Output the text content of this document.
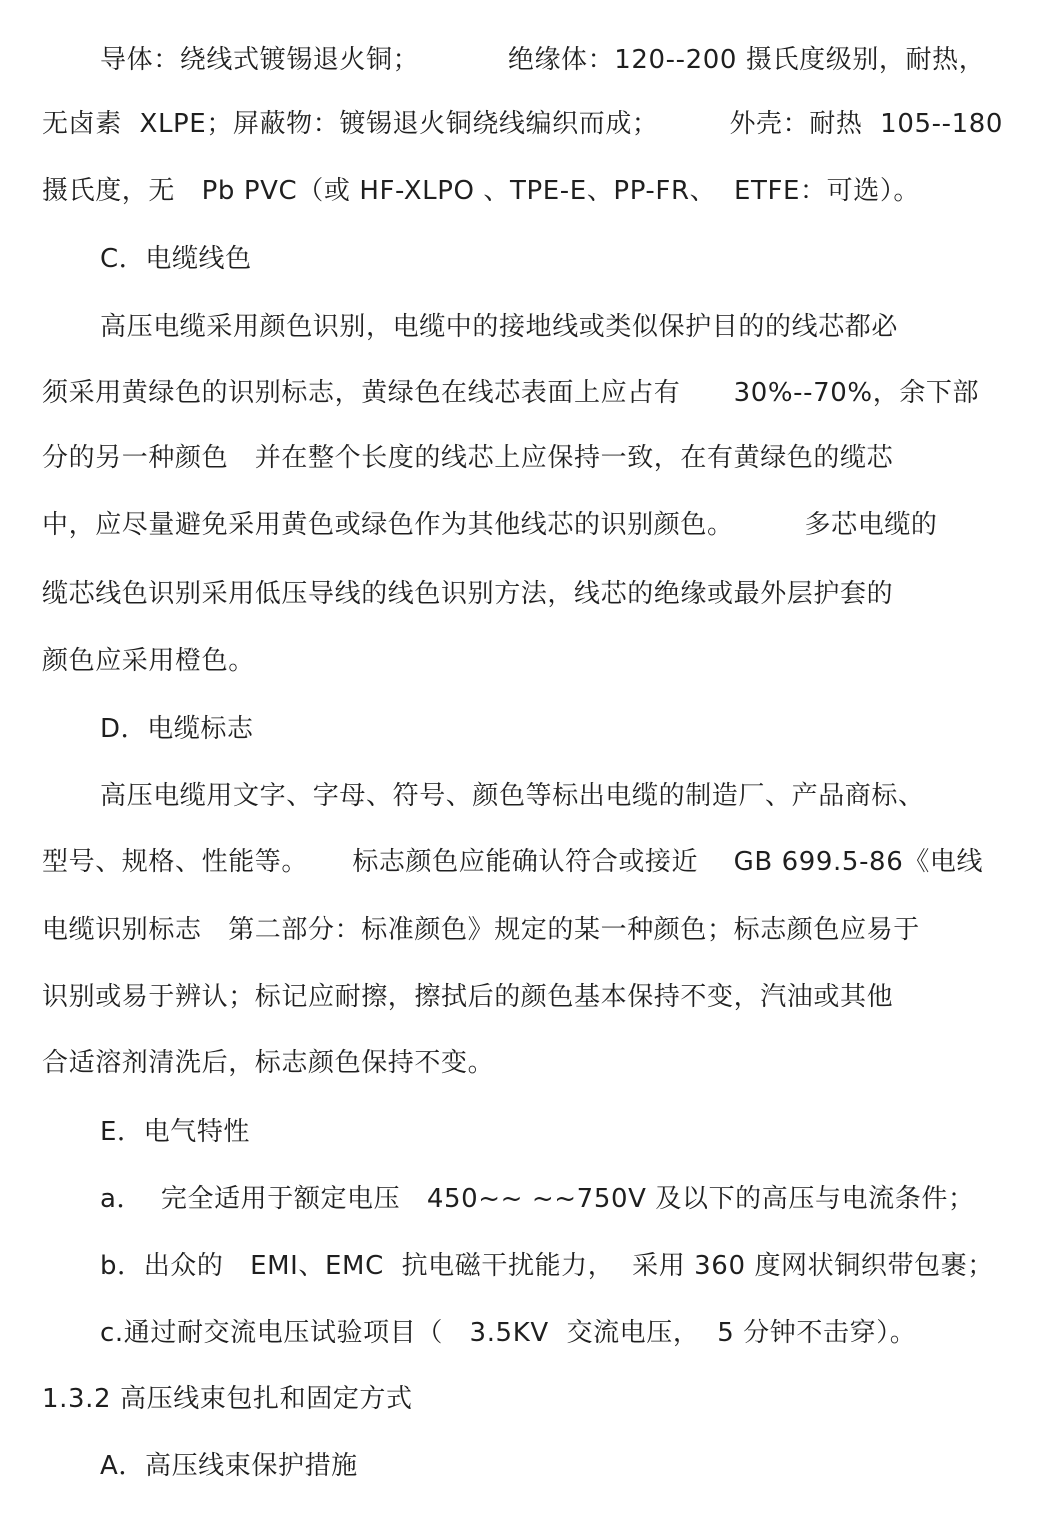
导体：绕线式镀锡退火铜；          绝缘体：120--200 摄氏度级别，耐热，
无卤素  XLPE；屏蔽物：镀锡退火铜绕线编织而成；        外壳：耐热  105--180
摄氏度，无   Pb PVC（或 HF-XLPO 、TPE-E、PP-FR、  ETFE：可选）。
C．电缆线色
高压电缆采用颜色识别，电缆中的接地线或类似保护目的的线芯都必
须采用黄绿色的识别标志，黄绿色在线芯表面上应占有      30%--70%，余下部
分的另一种颜色   并在整个长度的线芯上应保持一致，在有黄绿色的缆芯
中，应尽量避免采用黄色或绿色作为其他线芯的识别颜色。        多芯电缆的
缆芯线色识别采用低压导线的线色识别方法，线芯的绝缘或最外层护套的
颜色应采用橙色。
D．电缆标志
高压电缆用文字、字母、符号、颜色等标出电缆的制造厂、产品商标、
型号、规格、性能等。     标志颜色应能确认符合或接近    GB 699.5-86《电线
电缆识别标志   第二部分：标准颜色》规定的某一种颜色；标志颜色应易于
识别或易于辨认；标记应耐擦，擦拭后的颜色基本保持不变，汽油或其他
合适溶剂清洗后，标志颜色保持不变。
E．电气特性
a．  完全适用于额定电压   450~~ ~~750V 及以下的高压与电流条件；
b．出众的   EMI、EMC  抗电磁干扰能力，  采用 360 度网状铜织带包裹；
c.通过耐交流电压试验项目（   3.5KV  交流电压，  5 分钟不击穿）。
1.3.2 高压线束包扎和固定方式
A．高压线束保护措施
